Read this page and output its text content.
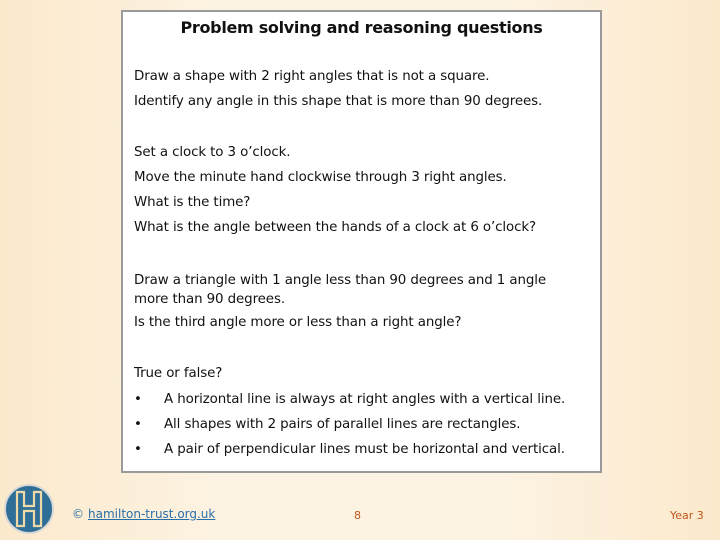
Problem solving and reasoning questions
Draw a shape with 2 right angles that is not a square.
Identify any angle in this shape that is more than 90 degrees.
Set a clock to 3 o’clock.
Move the minute hand clockwise through 3 right angles.
What is the time?
What is the angle between the hands of a clock at 6 o’clock?
Draw a triangle with 1 angle less than 90 degrees and 1 angle more than 90 degrees.
Is the third angle more or less than a right angle?
True or false?
• A horizontal line is always at right angles with a vertical line.
• All shapes with 2 pairs of parallel lines are rectangles.
• A pair of perpendicular lines must be horizontal and vertical.
© hamilton-trust.org.uk	8	Year 3
